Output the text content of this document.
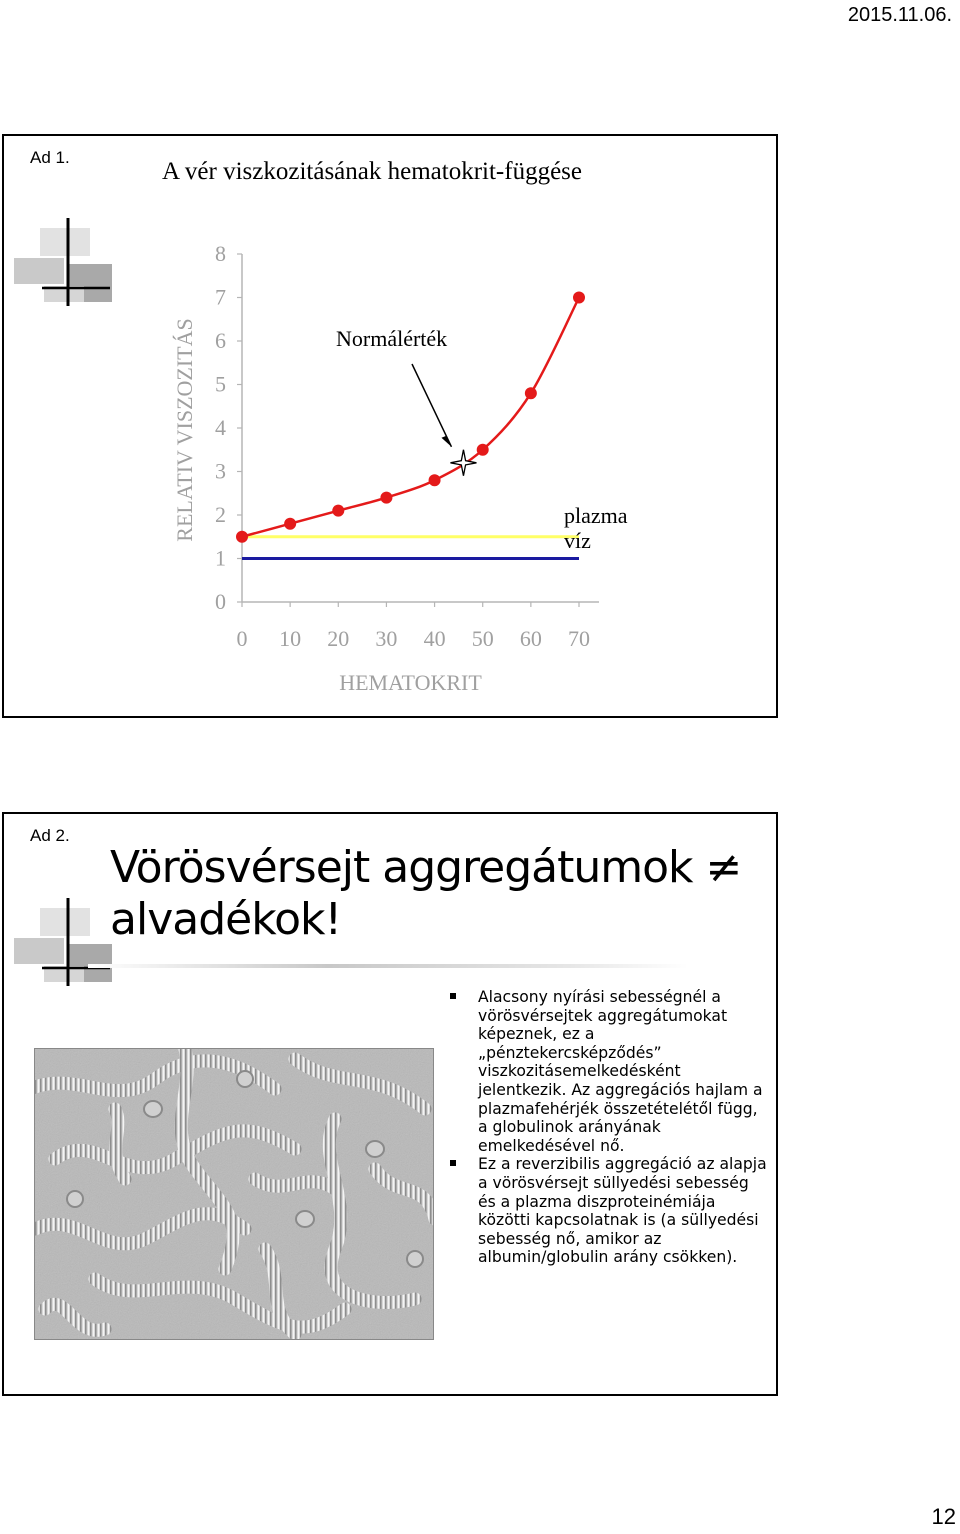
2015.11.06.
Ad 1.
A vér viszkozitásának hematokrit-függése
0
1
2
3
4
5
6
7
8
0 10 20 30 40 50 60 70
HEMATOKRIT
RELATIV VISZOZITÁS	plazma
víz
Normálérték
Ad 2.
Vörösvérsejt aggregátumok ≠
alvadékok!
Alacsony nyírási sebességnél a vörösvérsejtek aggregátumokat képeznek, ez a „pénztekercsképződés” viszkozitásemelkedésként jelentkezik. Az aggregációs hajlam a plazmafehérjék összetételétől függ, a globulinok arányának emelkedésével nő.
Ez a reverzibilis aggregáció az alapja a vörösvérsejt süllyedési sebesség és a plazma diszproteinémiája közötti kapcsolatnak is (a süllyedési sebesség nő, amikor az albumin/globulin arány csökken).
12
